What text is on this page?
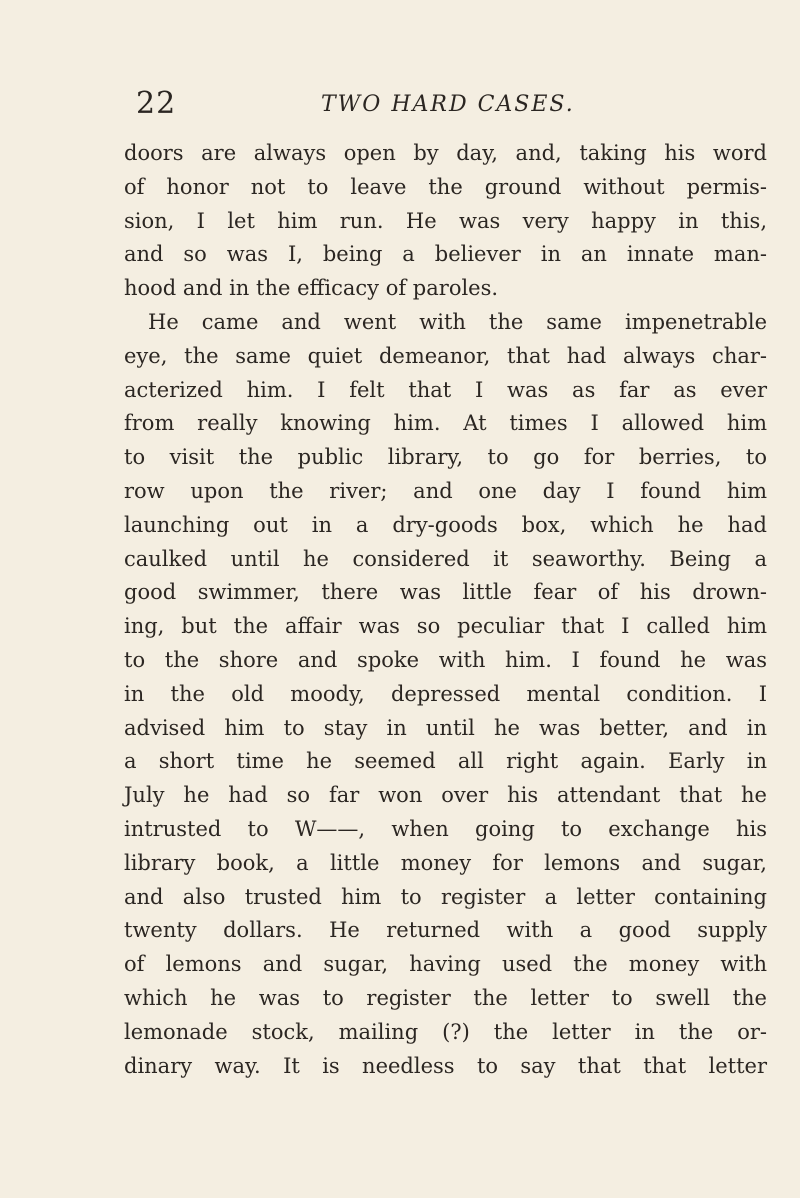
22	TWO HARD CASES.
doors are always open by day, and, taking his word
of honor not to leave the ground without permis-
sion, I let him run. He was very happy in this,
and so was I, being a believer in an innate man-
hood and in the efficacy of paroles.
He came and went with the same impenetrable
eye, the same quiet demeanor, that had always char-
acterized him. I felt that I was as far as ever
from really knowing him. At times I allowed him
to visit the public library, to go for berries, to
row upon the river; and one day I found him
launching out in a dry-goods box, which he had
caulked until he considered it seaworthy. Being a
good swimmer, there was little fear of his drown-
ing, but the affair was so peculiar that I called him
to the shore and spoke with him. I found he was
in the old moody, depressed mental condition. I
advised him to stay in until he was better, and in
a short time he seemed all right again. Early in
July he had so far won over his attendant that he
intrusted to W——, when going to exchange his
library book, a little money for lemons and sugar,
and also trusted him to register a letter containing
twenty dollars. He returned with a good supply
of lemons and sugar, having used the money with
which he was to register the letter to swell the
lemonade stock, mailing (?) the letter in the or-
dinary way. It is needless to say that that letter
